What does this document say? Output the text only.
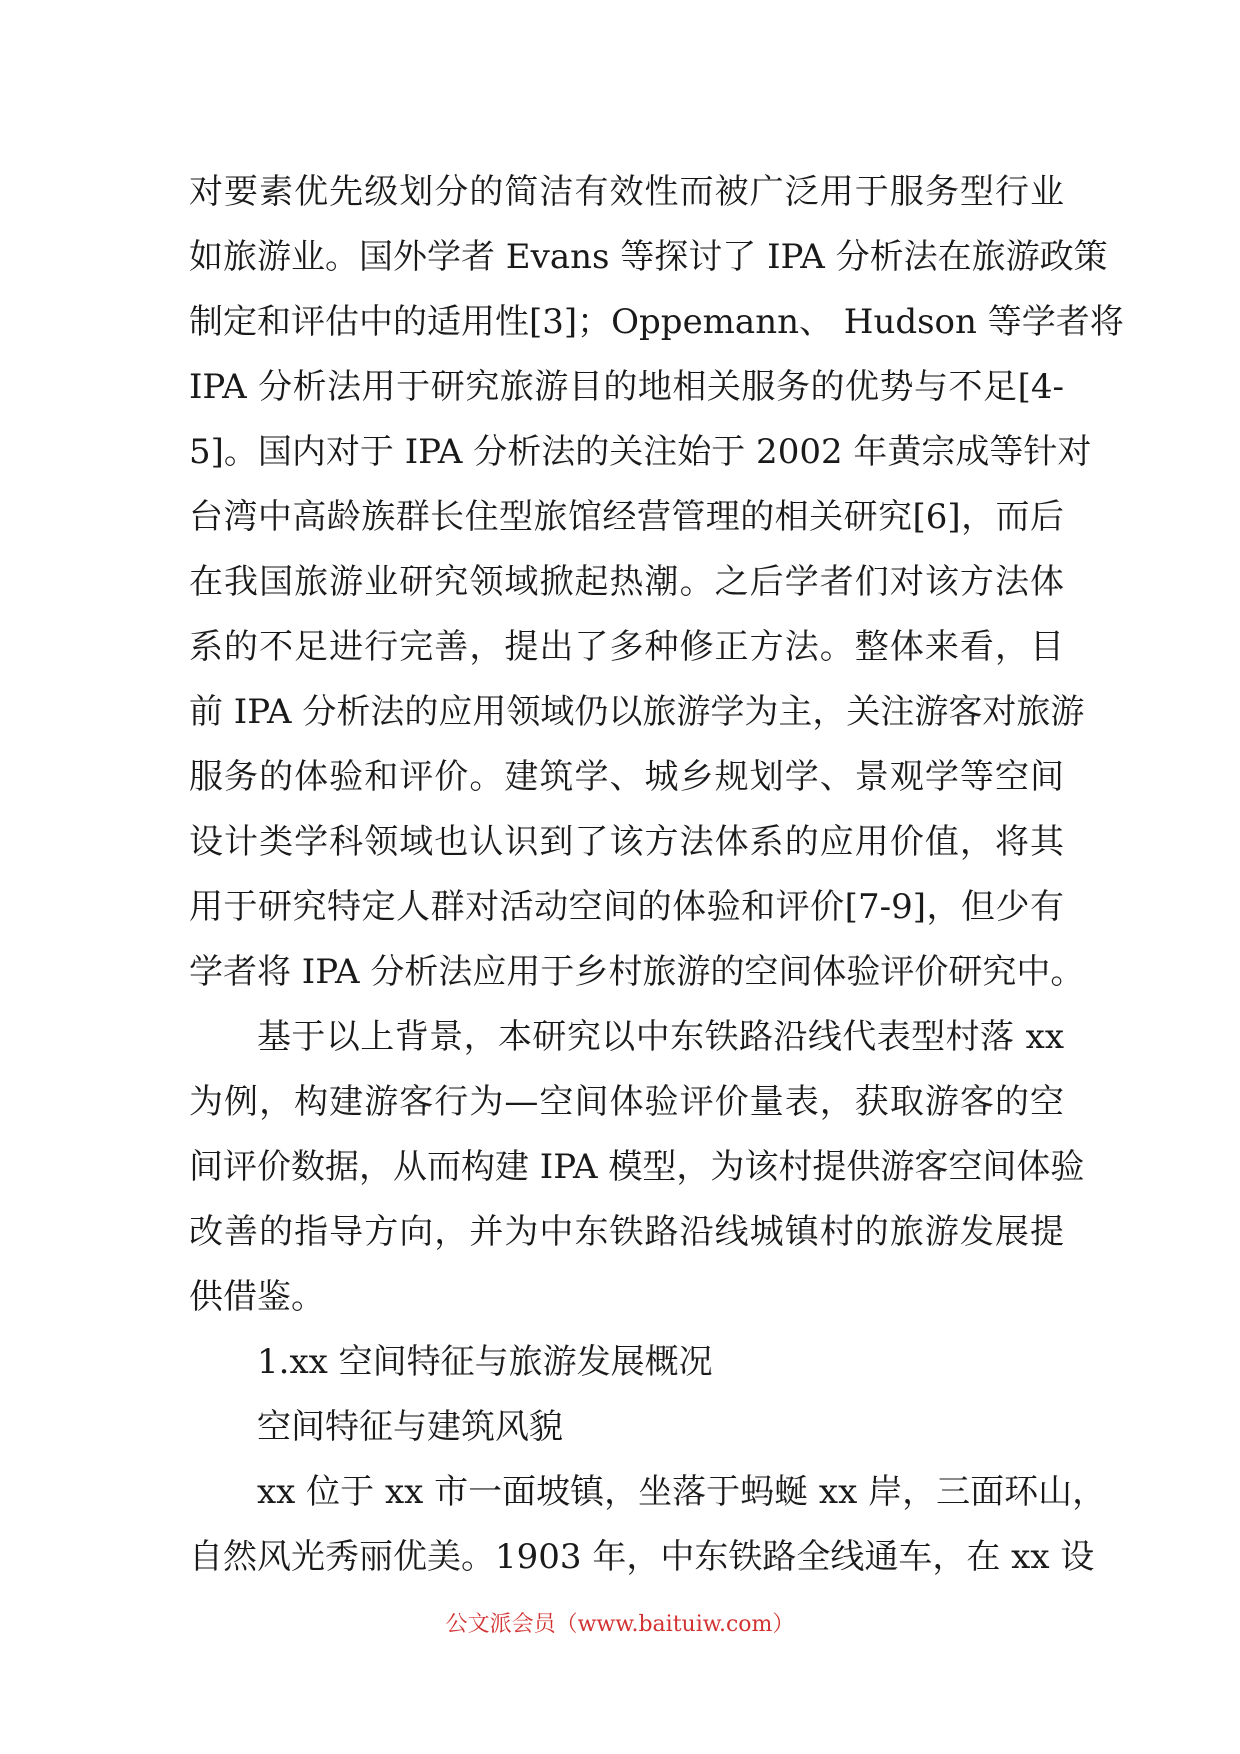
对要素优先级划分的简洁有效性而被广泛用于服务型行业
如旅游业。国外学者 Evans 等探讨了 IPA 分析法在旅游政策
制定和评估中的适用性[3]；Oppemann、 Hudson 等学者将
IPA 分析法用于研究旅游目的地相关服务的优势与不足[4-
5]。国内对于 IPA 分析法的关注始于 2002 年黄宗成等针对
台湾中高龄族群长住型旅馆经营管理的相关研究[6]，而后
在我国旅游业研究领域掀起热潮。之后学者们对该方法体
系的不足进行完善，提出了多种修正方法。整体来看，目
前 IPA 分析法的应用领域仍以旅游学为主，关注游客对旅游
服务的体验和评价。建筑学、城乡规划学、景观学等空间
设计类学科领域也认识到了该方法体系的应用价值，将其
用于研究特定人群对活动空间的体验和评价[7-9]，但少有
学者将 IPA 分析法应用于乡村旅游的空间体验评价研究中。
基于以上背景，本研究以中东铁路沿线代表型村落 xx
为例，构建游客行为—空间体验评价量表，获取游客的空
间评价数据，从而构建 IPA 模型，为该村提供游客空间体验
改善的指导方向，并为中东铁路沿线城镇村的旅游发展提
供借鉴。
1.xx 空间特征与旅游发展概况
空间特征与建筑风貌
xx 位于 xx 市一面坡镇，坐落于蚂蜒 xx 岸，三面环山，
自然风光秀丽优美。1903 年，中东铁路全线通车，在 xx 设
公文派会员（www.baituiw.com）
